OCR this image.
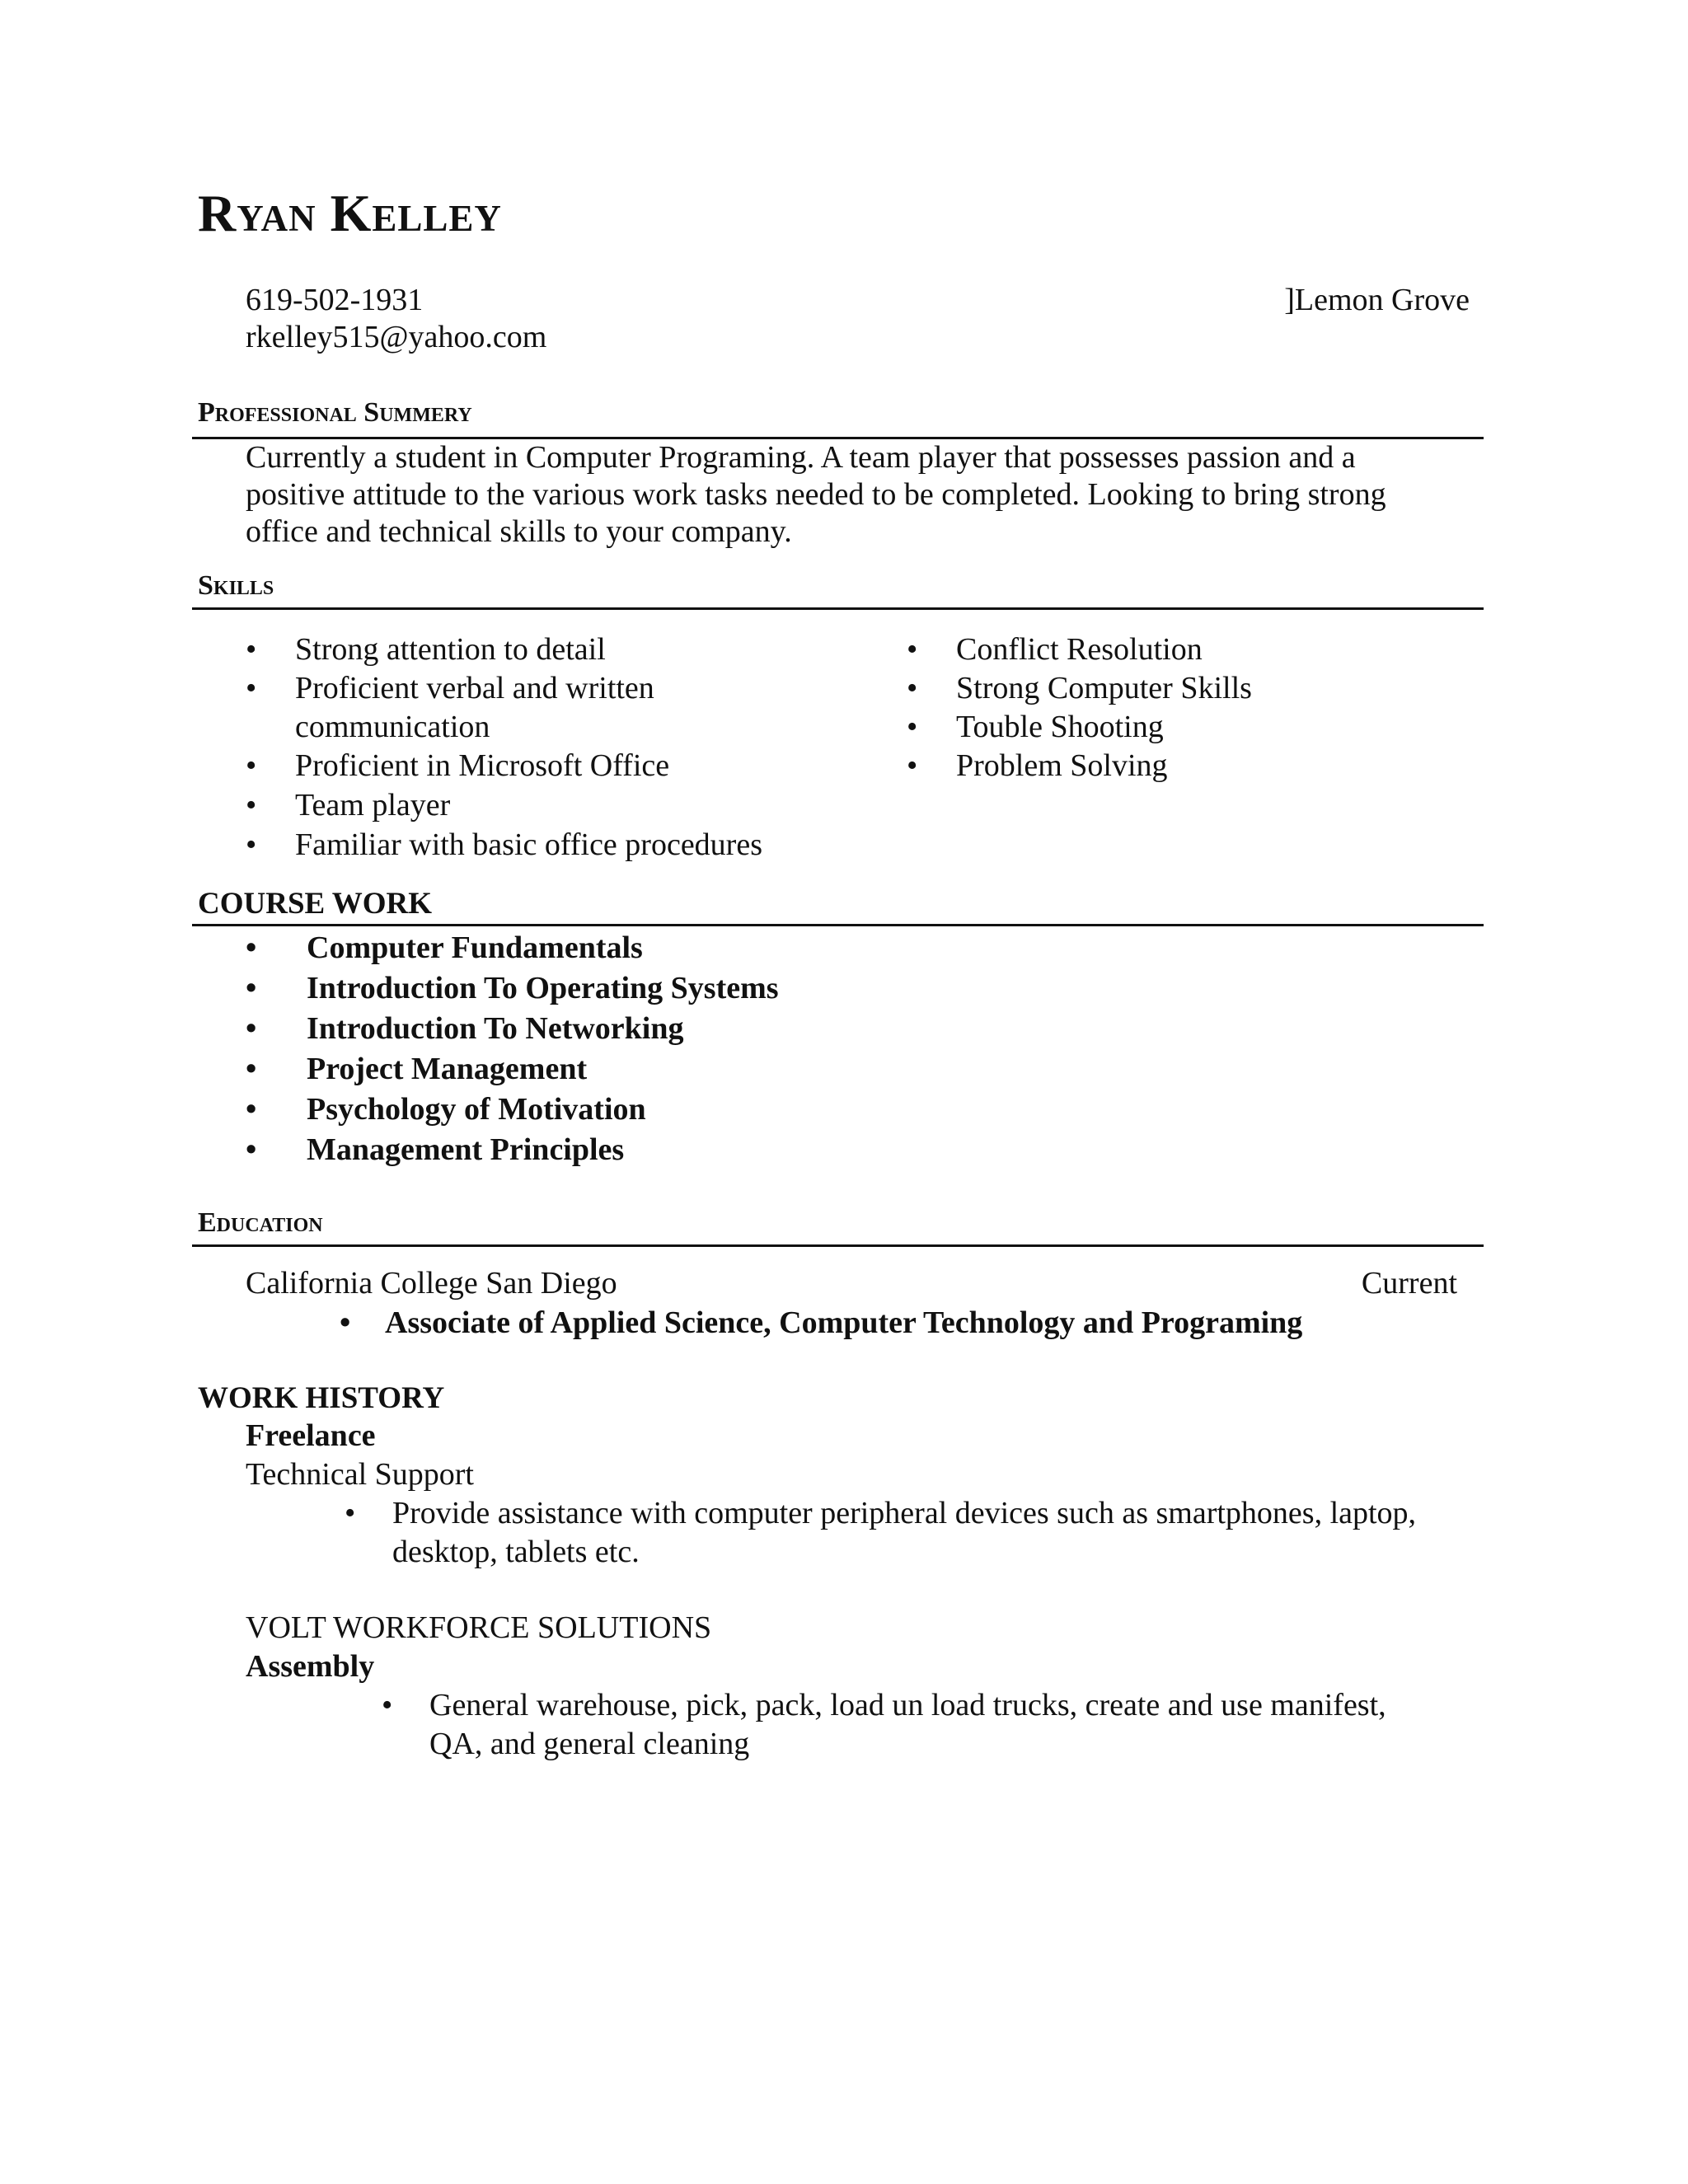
Ryan Kelley
619-502-1931
rkelley515@yahoo.com
]Lemon Grove
Professional Summery
Currently a student in Computer Programing. A team player that possesses passion and a
positive attitude to the various work tasks needed to be completed. Looking to bring strong
office and technical skills to your company.
Skills
• Strong attention to detail
• Proficient verbal and written
communication
• Proficient in Microsoft Office
• Team player
• Familiar with basic office procedures
• Conflict Resolution
• Strong Computer Skills
• Touble Shooting
• Problem Solving
COURSE WORK
• Computer Fundamentals
• Introduction To Operating Systems
• Introduction To Networking
• Project Management
• Psychology of Motivation
• Management Principles
Education
California College San Diego	Current
• Associate of Applied Science, Computer Technology and Programing
WORK HISTORY
Freelance
Technical Support
• Provide assistance with computer peripheral devices such as smartphones, laptop,
desktop, tablets etc.
VOLT WORKFORCE SOLUTIONS
Assembly
• General warehouse, pick, pack, load un load trucks, create and use manifest,
QA, and general cleaning
